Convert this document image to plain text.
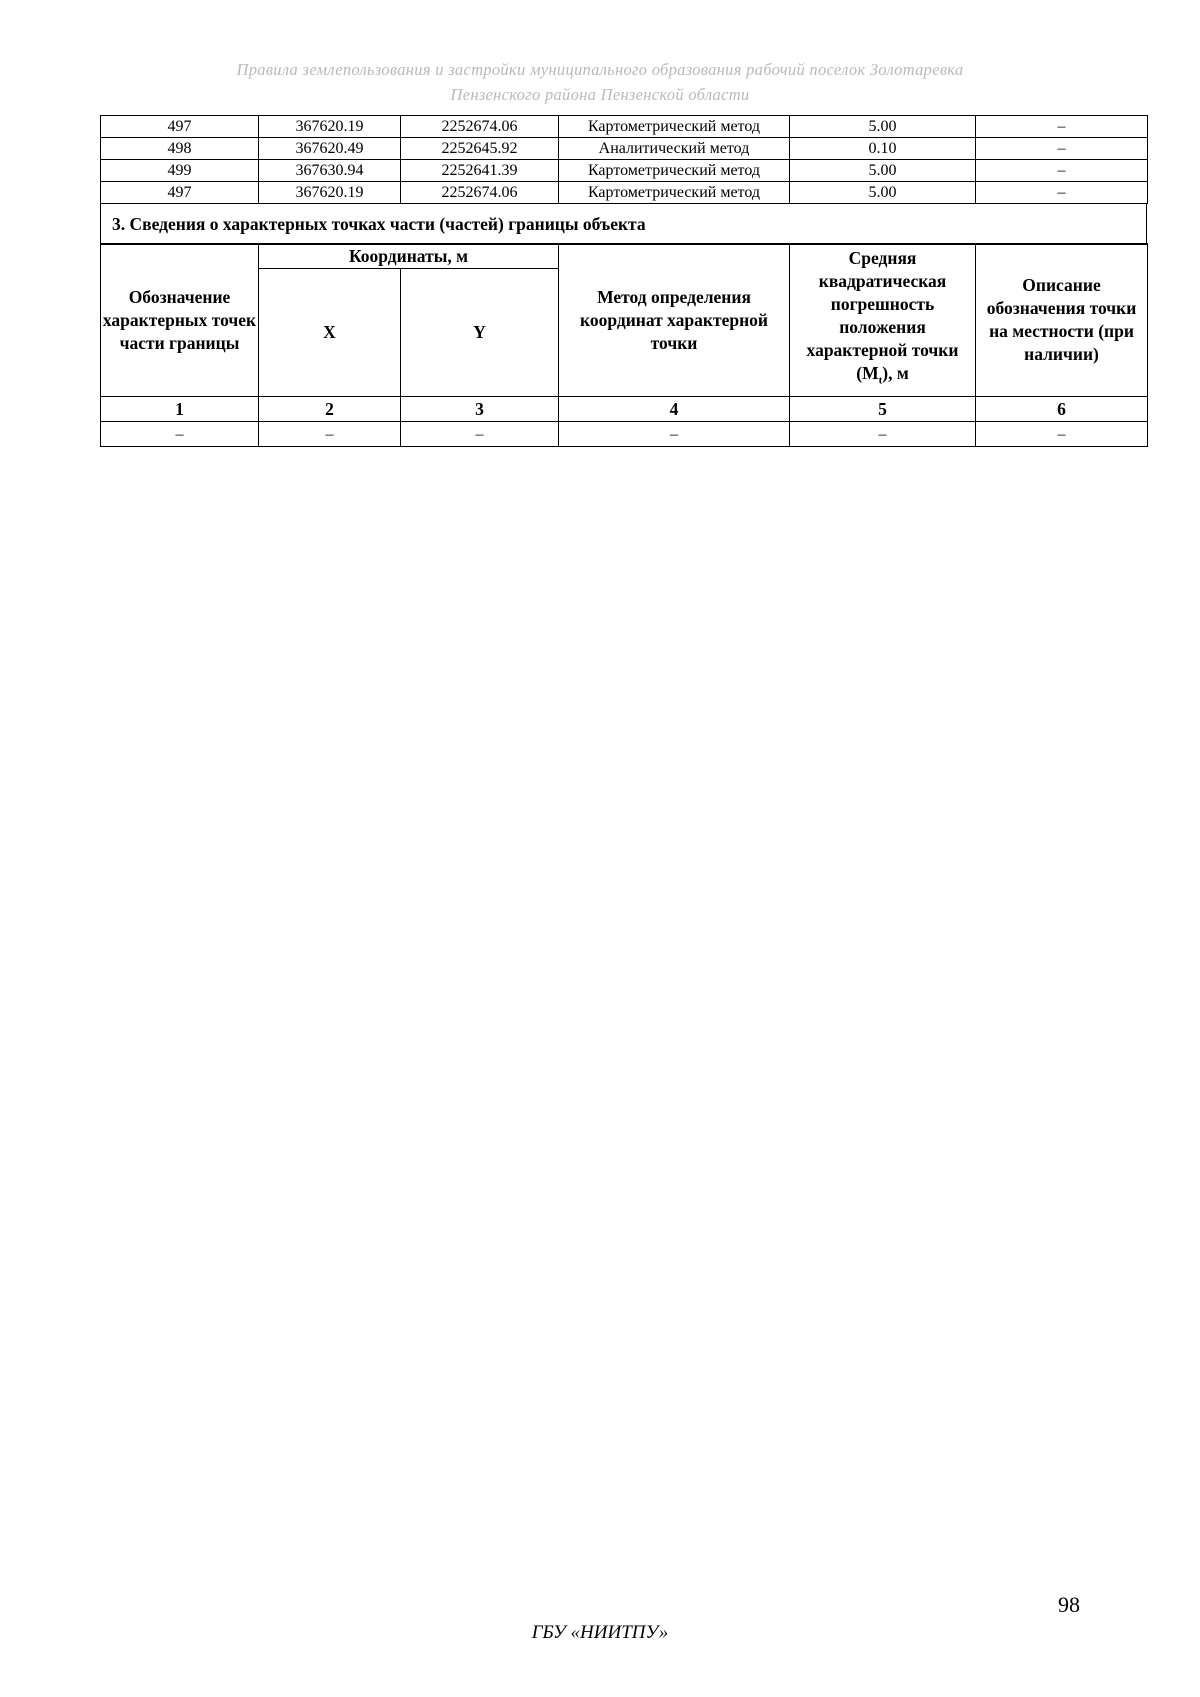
Правила землепользования и застройки муниципального образования рабочий поселок Золотаревка
Пензенского района Пензенской области
497	367620.19	2252674.06	Картометрический метод	5.00	–
498	367620.49	2252645.92	Аналитический метод	0.10	–
499	367630.94	2252641.39	Картометрический метод	5.00	–
497	367620.19	2252674.06	Картометрический метод	5.00	–
3. Сведения о характерных точках части (частей) границы объекта
Обозначение характерных точек части границы	Координаты, м		Метод определения координат характерной точки	Средняя квадратическая погрешность положения характерной точки $(M_t)$, м	Описание обозначения точки на местности (при наличии)
	X	Y			
1	2	3	4	5	6
–	–	–	–	–	–
98
ГБУ «НИИТПУ»
